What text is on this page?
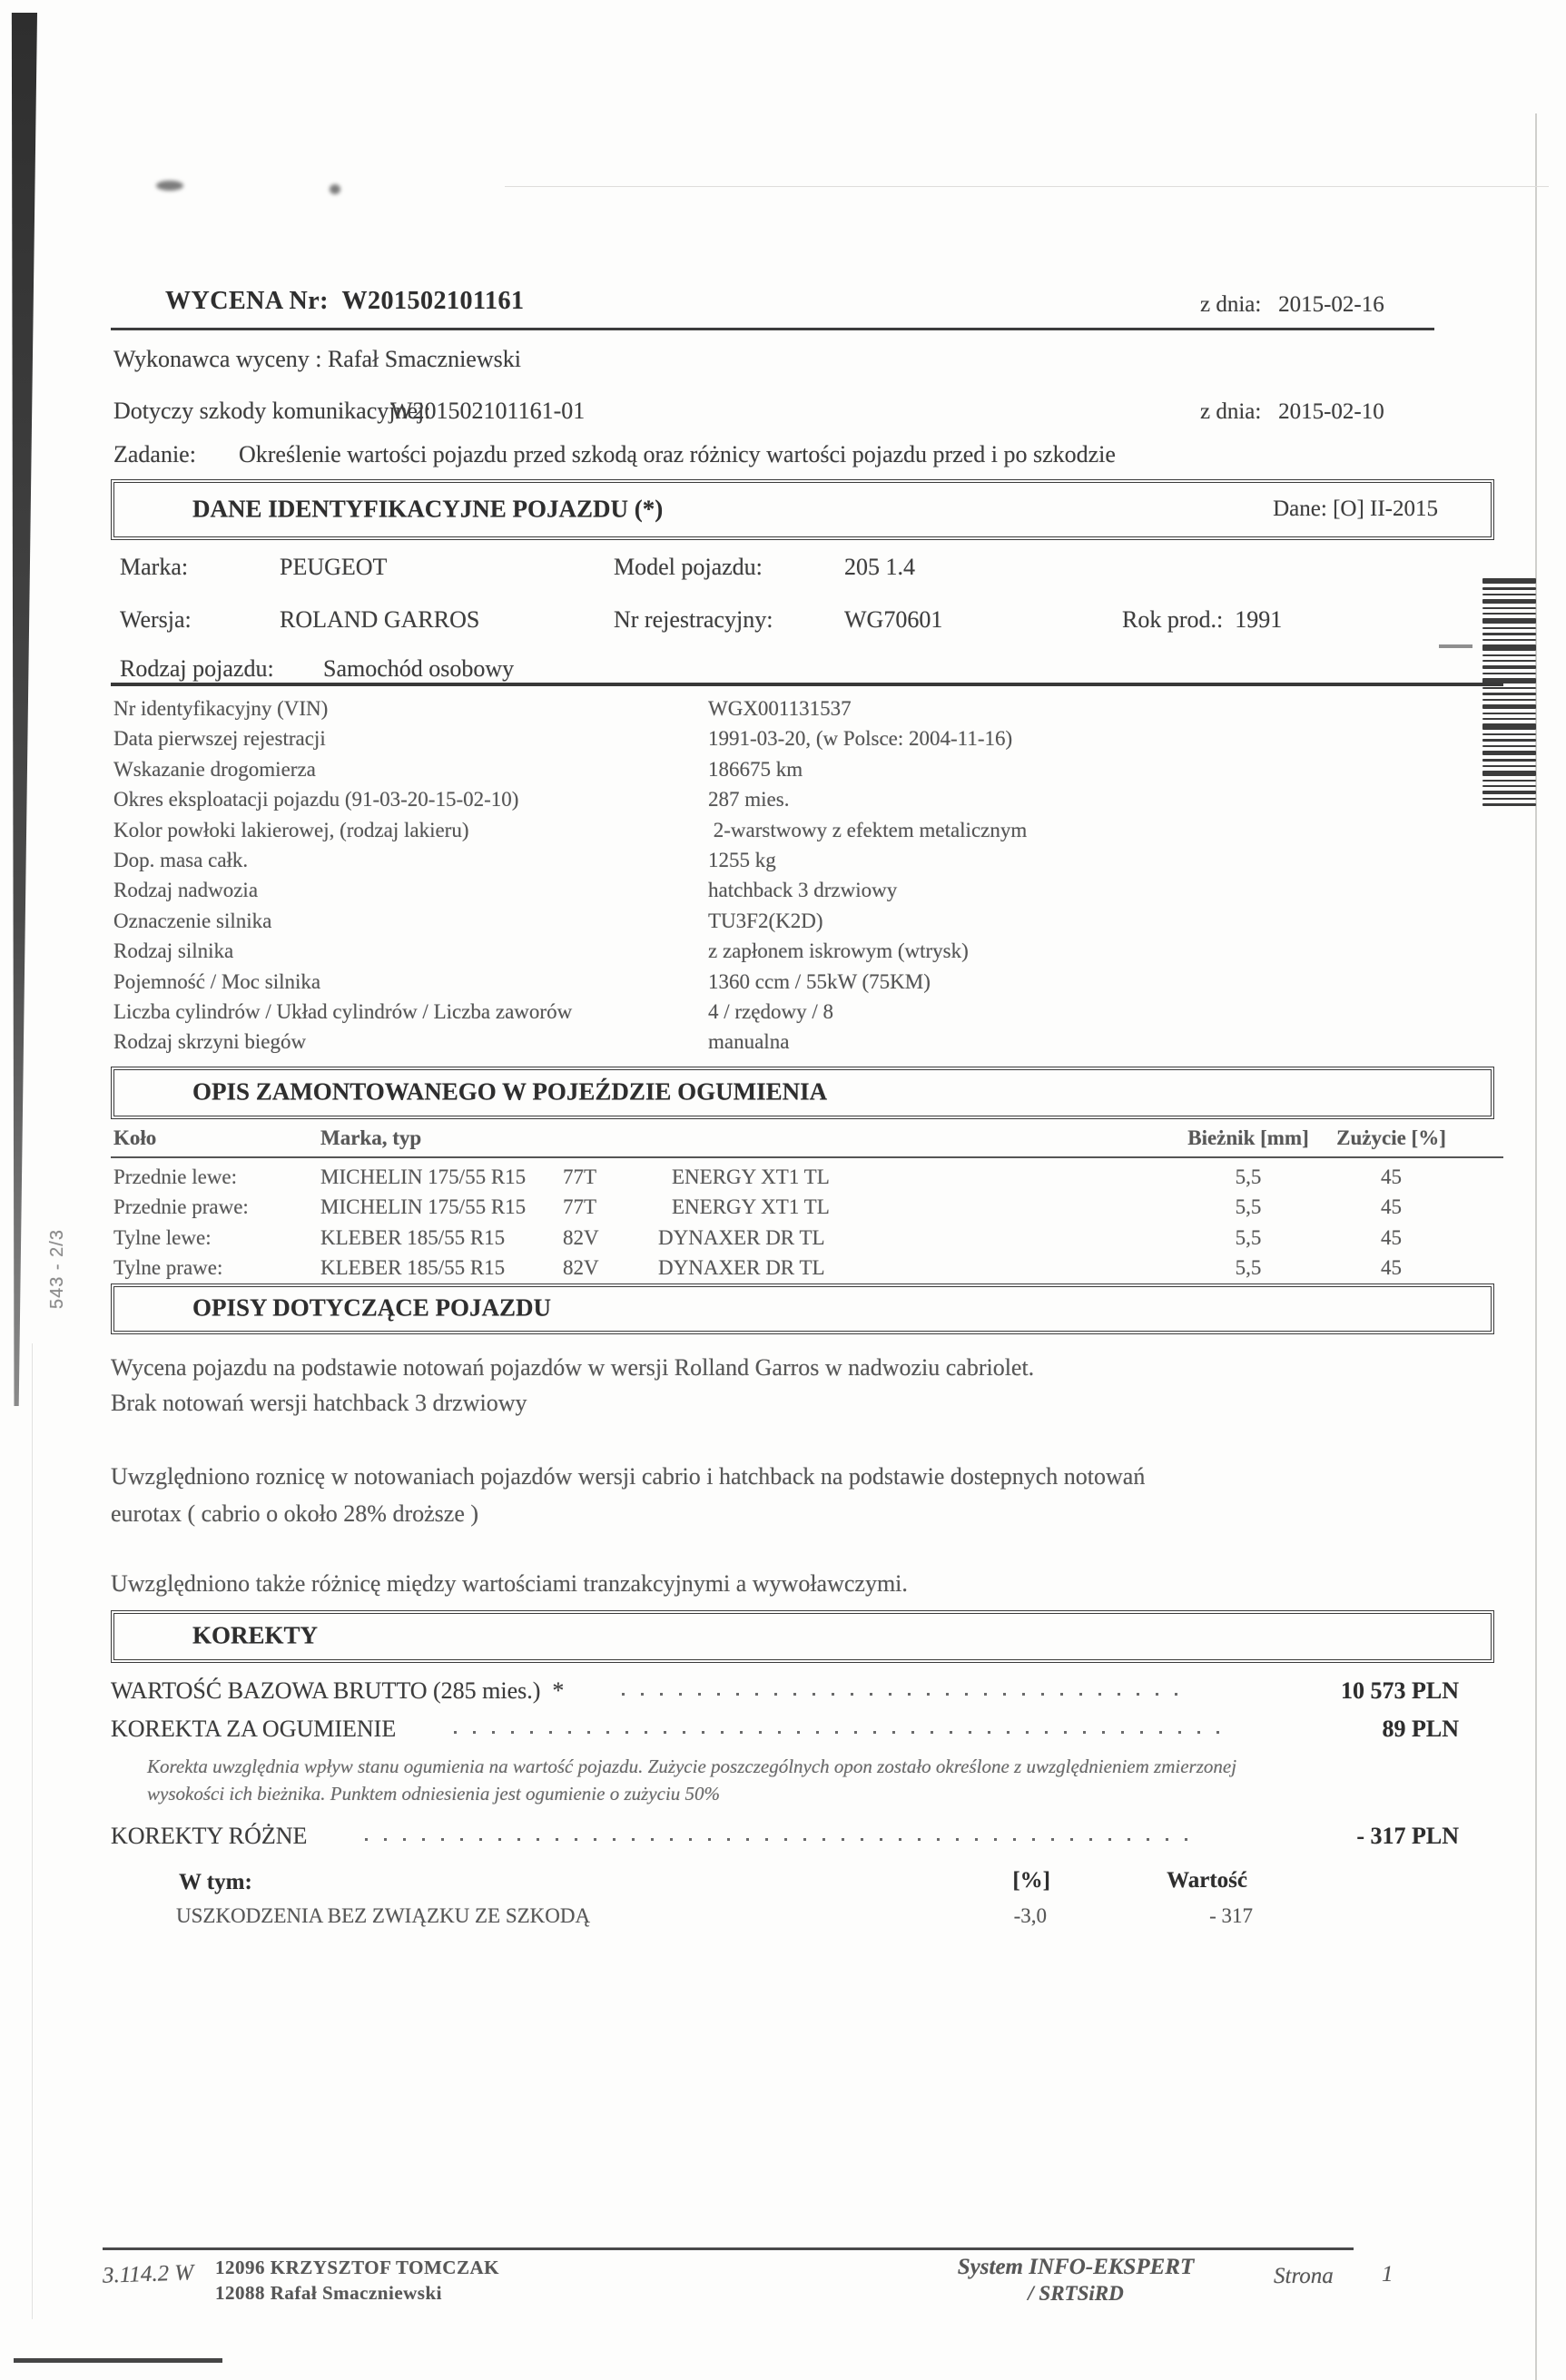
543 - 2/3
WYCENA Nr: W201502101161	z dnia: 2015-02-16
Wykonawca wyceny : Rafał Smaczniewski
Dotyczy szkody komunikacyjnej:
W201502101161-01	z dnia: 2015-02-10
Zadanie: Określenie wartości pojazdu przed szkodą oraz różnicy wartości pojazdu przed i po szkodzie
DANE IDENTYFIKACYJNE POJAZDU (*)	Dane: [O] II-2015
Marka:	PEUGEOT	Model pojazdu:	205 1.4
Wersja:	ROLAND GARROS	Nr rejestracyjny:	WG70601	Rok prod.: 1991
Rodzaj pojazdu: Samochód osobowy
Nr identyfikacyjny (VIN)	WGX001131537
Data pierwszej rejestracji	1991-03-20, (w Polsce: 2004-11-16)
Wskazanie drogomierza	186675 km
Okres eksploatacji pojazdu (91-03-20-15-02-10)	287 mies.
Kolor powłoki lakierowej, (rodzaj lakieru)	2-warstwowy z efektem metalicznym
Dop. masa całk.	1255 kg
Rodzaj nadwozia	hatchback 3 drzwiowy
Oznaczenie silnika	TU3F2(K2D)
Rodzaj silnika	z zapłonem iskrowym (wtrysk)
Pojemność / Moc silnika	1360 ccm / 55kW (75KM)
Liczba cylindrów / Układ cylindrów / Liczba zaworów	4 / rzędowy / 8
Rodzaj skrzyni biegów	manualna
OPIS ZAMONTOWANEGO W POJEŹDZIE OGUMIENIA
Koło	Marka, typ	Bieżnik [mm]	Zużycie [%]
Przednie lewe:	MICHELIN 175/55 R15	77T	ENERGY XT1 TL	5,5	45
Przednie prawe:	MICHELIN 175/55 R15	77T	ENERGY XT1 TL	5,5	45
Tylne lewe:	KLEBER 185/55 R15	82V	DYNAXER DR TL	5,5	45
Tylne prawe:	KLEBER 185/55 R15	82V	DYNAXER DR TL	5,5	45
OPISY DOTYCZĄCE POJAZDU
Wycena pojazdu na podstawie notowań pojazdów w wersji Rolland Garros w nadwoziu cabriolet.
Brak notowań wersji hatchback 3 drzwiowy
Uwzględniono roznicę w notowaniach pojazdów wersji cabrio i hatchback na podstawie dostepnych notowań
eurotax ( cabrio o około 28% droższe )
Uwzględniono także różnicę między wartościami tranzakcyjnymi a wywoławczymi.
KOREKTY
WARTOŚĆ BAZOWA BRUTTO (285 mies.)  *	10 573 PLN
KOREKTA ZA OGUMIENIE	89 PLN
Korekta uwzględnia wpływ stanu ogumienia na wartość pojazdu. Zużycie poszczególnych opon zostało określone z uwzględnieniem zmierzonej
wysokości ich bieżnika. Punktem odniesienia jest ogumienie o zużyciu 50%
KOREKTY RÓŻNE	- 317 PLN
W tym:	[%]	Wartość
USZKODZENIA BEZ ZWIĄZKU ZE SZKODĄ	-3,0	- 317
3.114.2 W 12096 KRZYSZTOF TOMCZAK
12088 Rafał Smaczniewski
System INFO-EKSPERT
/ SRTSiRD
Strona 1
